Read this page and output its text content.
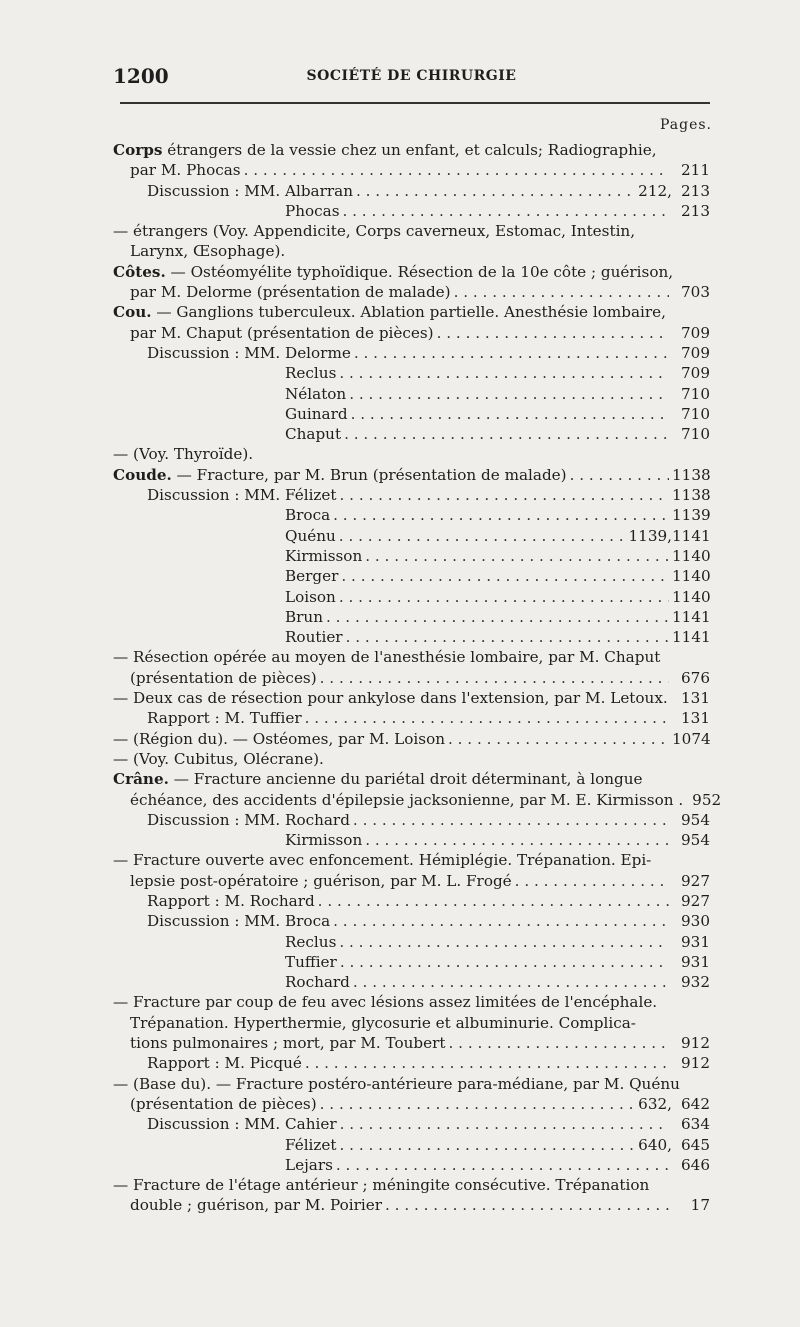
1200	SOCIÉTÉ DE CHIRURGIE
Pages.
Corps étrangers de la vessie chez un enfant, et calculs; Radiographie,
par M. Phocas . . .	211
Discussion : MM. Albarran . . .	212, 213
Phocas . . .	213
— étrangers (Voy. Appendicite, Corps caverneux, Estomac, Intestin,
Larynx, Œsophage).
Côtes. — Ostéomyélite typhoïdique. Résection de la 10e côte ; guérison,
par M. Delorme (présentation de malade) . . .	703
Cou. — Ganglions tuberculeux. Ablation partielle. Anesthésie lombaire,
par M. Chaput (présentation de pièces) . . .	709
Discussion : MM. Delorme . . .	709
Reclus . . .	709
Nélaton . . .	710
Guinard . . .	710
Chaput . . .	710
— (Voy. Thyroïde).
Coude. — Fracture, par M. Brun (présentation de malade) . . .	1138
Discussion : MM. Félizet . . .	1138
Broca . . .	1139
Quénu . . .	1139, 1141
Kirmisson . . .	1140
Berger . . .	1140
Loison . . .	1140
Brun . . .	1141
Routier . . .	1141
— Résection opérée au moyen de l'anesthésie lombaire, par M. Chaput
(présentation de pièces) . . .	676
— Deux cas de résection pour ankylose dans l'extension, par M. Letoux. 131
Rapport : M. Tuffier . . .	131
— (Région du). — Ostéomes, par M. Loison . . .	1074
— (Voy. Cubitus, Olécrane).
Crâne. — Fracture ancienne du pariétal droit déterminant, à longue
échéance, des accidents d'épilepsie jacksonienne, par M. E. Kirmisson . 952
Discussion : MM. Rochard . . .	954
Kirmisson . . .	954
— Fracture ouverte avec enfoncement. Hémiplégie. Trépanation. Epi-
lepsie post-opératoire ; guérison, par M. L. Frogé . . .	927
Rapport : M. Rochard . . .	927
Discussion : MM. Broca . . .	930
Reclus . . .	931
Tuffier . . .	931
Rochard . . .	932
— Fracture par coup de feu avec lésions assez limitées de l'encéphale.
Trépanation. Hyperthermie, glycosurie et albuminurie. Complica-
tions pulmonaires ; mort, par M. Toubert . . .	912
Rapport : M. Picqué . . .	912
— (Base du). — Fracture postéro-antérieure para-médiane, par M. Quénu
(présentation de pièces) . . .	632, 642
Discussion : MM. Cahier . . .	634
Félizet . . .	640, 645
Lejars . . .	646
— Fracture de l'étage antérieur ; méningite consécutive. Trépanation
double ; guérison, par M. Poirier . . .	17
